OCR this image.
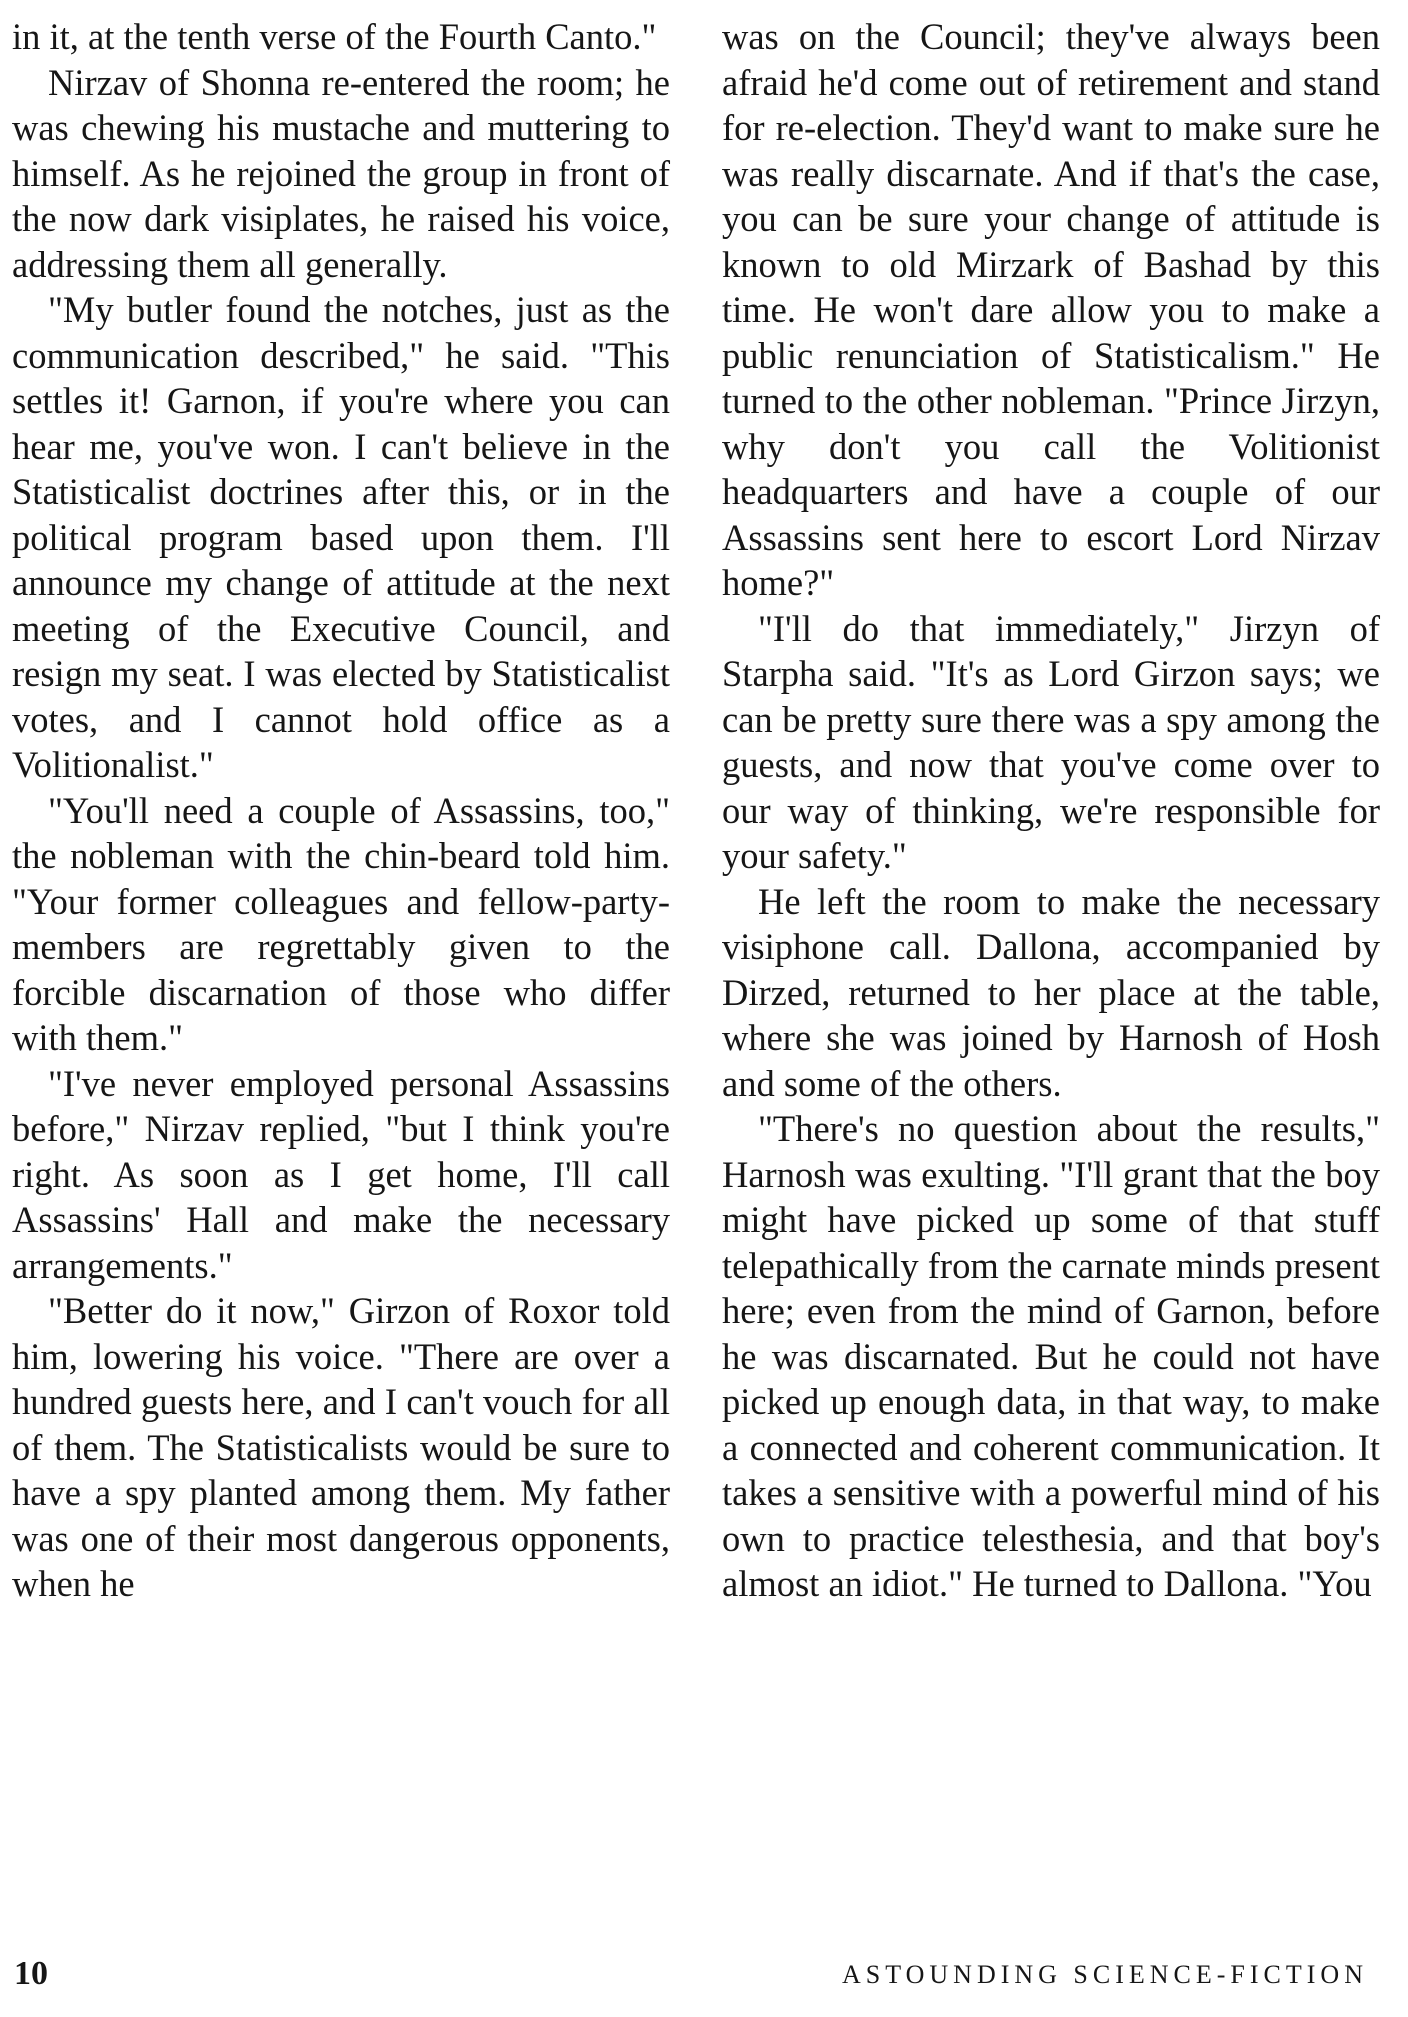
in it, at the tenth verse of the Fourth Canto."

Nirzav of Shonna re-entered the room; he was chewing his mustache and muttering to himself. As he rejoined the group in front of the now dark visiplates, he raised his voice, addressing them all generally.

"My butler found the notches, just as the communication described," he said. "This settles it! Garnon, if you're where you can hear me, you've won. I can't believe in the Statisticalist doctrines after this, or in the political program based upon them. I'll announce my change of attitude at the next meeting of the Executive Council, and resign my seat. I was elected by Statisticalist votes, and I cannot hold office as a Volitionalist."

"You'll need a couple of Assassins, too," the nobleman with the chin-beard told him. "Your former colleagues and fellow-party-members are regrettably given to the forcible discarnation of those who differ with them."

"I've never employed personal Assassins before," Nirzav replied, "but I think you're right. As soon as I get home, I'll call Assassins' Hall and make the necessary arrangements."

"Better do it now," Girzon of Roxor told him, lowering his voice. "There are over a hundred guests here, and I can't vouch for all of them. The Statisticalists would be sure to have a spy planted among them. My father was one of their most dangerous opponents, when he

was on the Council; they've always been afraid he'd come out of retirement and stand for re-election. They'd want to make sure he was really discarnate. And if that's the case, you can be sure your change of attitude is known to old Mirzark of Bashad by this time. He won't dare allow you to make a public renunciation of Statisticalism." He turned to the other nobleman. "Prince Jirzyn, why don't you call the Volitionist headquarters and have a couple of our Assassins sent here to escort Lord Nirzav home?"

"I'll do that immediately," Jirzyn of Starpha said. "It's as Lord Girzon says; we can be pretty sure there was a spy among the guests, and now that you've come over to our way of thinking, we're responsible for your safety."

He left the room to make the necessary visiphone call. Dallona, accompanied by Dirzed, returned to her place at the table, where she was joined by Harnosh of Hosh and some of the others.

"There's no question about the results," Harnosh was exulting. "I'll grant that the boy might have picked up some of that stuff telepathically from the carnate minds present here; even from the mind of Garnon, before he was discarnated. But he could not have picked up enough data, in that way, to make a connected and coherent communication. It takes a sensitive with a powerful mind of his own to practice telesthesia, and that boy's almost an idiot." He turned to Dallona. "You

10	ASTOUNDING SCIENCE-FICTION
